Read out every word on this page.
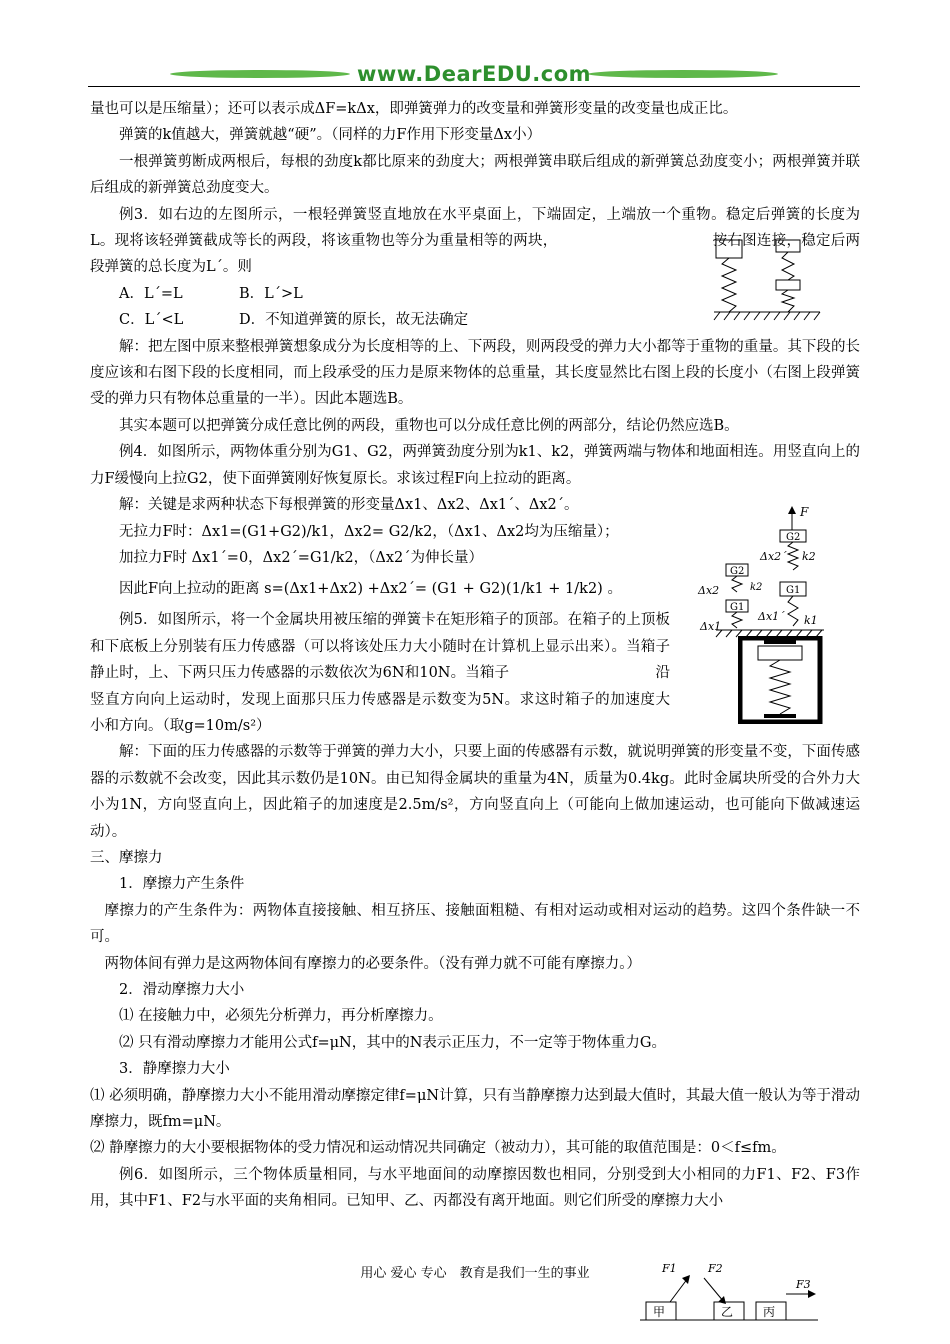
www.DearEDU.com

量也可以是压缩量）；还可以表示成ΔF=kΔx，即弹簧弹力的改变量和弹簧形变量的改变量也成正比。

弹簧的k值越大，弹簧就越“硬”。（同样的力F作用下形变量Δx小）

一根弹簧剪断成两根后，每根的劲度k都比原来的劲度大；两根弹簧串联后组成的新弹簧总劲度变小；两根弹簧并联后组成的新弹簧总劲度变大。

例3．如右边的左图所示，一根轻弹簧竖直地放在水平桌面上，下端固定，上端放一个重物。稳定后弹簧的长度为L。现将该轻弹簧截成等长的两段，将该重物也等分为重量相等的两块，　　　　　　　　　　　按右图连接，稳定后两段弹簧的总长度为L´。则

A．L´=L	B．L´>L

C．L´<L	D．不知道弹簧的原长，故无法确定

解：把左图中原来整根弹簧想象成分为长度相等的上、下两段，则两段受的弹力大小都等于重物的重量。其下段的长度应该和右图下段的长度相同，而上段承受的压力是原来物体的总重量，其长度显然比右图上段的长度小（右图上段弹簧受的弹力只有物体总重量的一半）。因此本题选B。

其实本题可以把弹簧分成任意比例的两段，重物也可以分成任意比例的两部分，结论仍然应选B。

例4．如图所示，两物体重分别为G1、G2，两弹簧劲度分别为k1、k2，弹簧两端与物体和地面相连。用竖直向上的力F缓慢向上拉G2，使下面弹簧刚好恢复原长。求该过程F向上拉动的距离。

解：关键是求两种状态下每根弹簧的形变量Δx1、Δx2、Δx1´、Δx2´。

无拉力F时：Δx1=(G1+G2)/k1，Δx2= G2/k2，（Δx1、Δx2均为压缩量）；

加拉力F时 Δx1´=0，Δx2´=G1/k2，（Δx2´为伸长量）

因此F向上拉动的距离 s=(Δx1+Δx2) +Δx2´= (G1 + G2)(1/k1 + 1/k2) 。

例5．如图所示，将一个金属块用被压缩的弹簧卡在矩形箱子的顶部。在箱子的上顶板和下底板上分别装有压力传感器（可以将该处压力大小随时在计算机上显示出来）。当箱子静止时，上、下两只压力传感器的示数依次为6N和10N。当箱子　　　　　　　　　　沿竖直方向向上运动时，发现上面那只压力传感器是示数变为5N。求这时箱子的加速度大　　　　　　　　　　小和方向。（取g=10m/s²）

解：下面的压力传感器的示数等于弹簧的弹力大小，只要上面的传感器有示数，就说明弹簧的形变量不变，下面传感器的示数就不会改变，因此其示数仍是10N。由已知得金属块的重量为4N，质量为0.4kg。此时金属块所受的合外力大小为1N，方向竖直向上，因此箱子的加速度是2.5m/s²，方向竖直向上（可能向上做加速运动，也可能向下做减速运动）。

三、摩擦力

1．摩擦力产生条件

摩擦力的产生条件为：两物体直接接触、相互挤压、接触面粗糙、有相对运动或相对运动的趋势。这四个条件缺一不可。

两物体间有弹力是这两物体间有摩擦力的必要条件。（没有弹力就不可能有摩擦力。）

2．滑动摩擦力大小

⑴ 在接触力中，必须先分析弹力，再分析摩擦力。

⑵ 只有滑动摩擦力才能用公式f=μN，其中的N表示正压力，不一定等于物体重力G。

3．静摩擦力大小

⑴ 必须明确，静摩擦力大小不能用滑动摩擦定律f=μN计算，只有当静摩擦力达到最大值时，其最大值一般认为等于滑动摩擦力，既fm=μN。

⑵ 静摩擦力的大小要根据物体的受力情况和运动情况共同确定（被动力），其可能的取值范围是：0＜f≤fm。

例6．如图所示，三个物体质量相同，与水平地面间的动摩擦因数也相同，分别受到大小相同的力F1、F2、F3作用，其中F1、F2与水平面的夹角相同。已知甲、乙、丙都没有离开地面。则它们所受的摩擦力大小

F
G2
k2
Δx2´
G1
k1
Δx1´
G2
k2
Δx2
G1
Δx1
F1	F2
F3
甲	乙 丙
用心 爱心 专心　教育是我们一生的事业
